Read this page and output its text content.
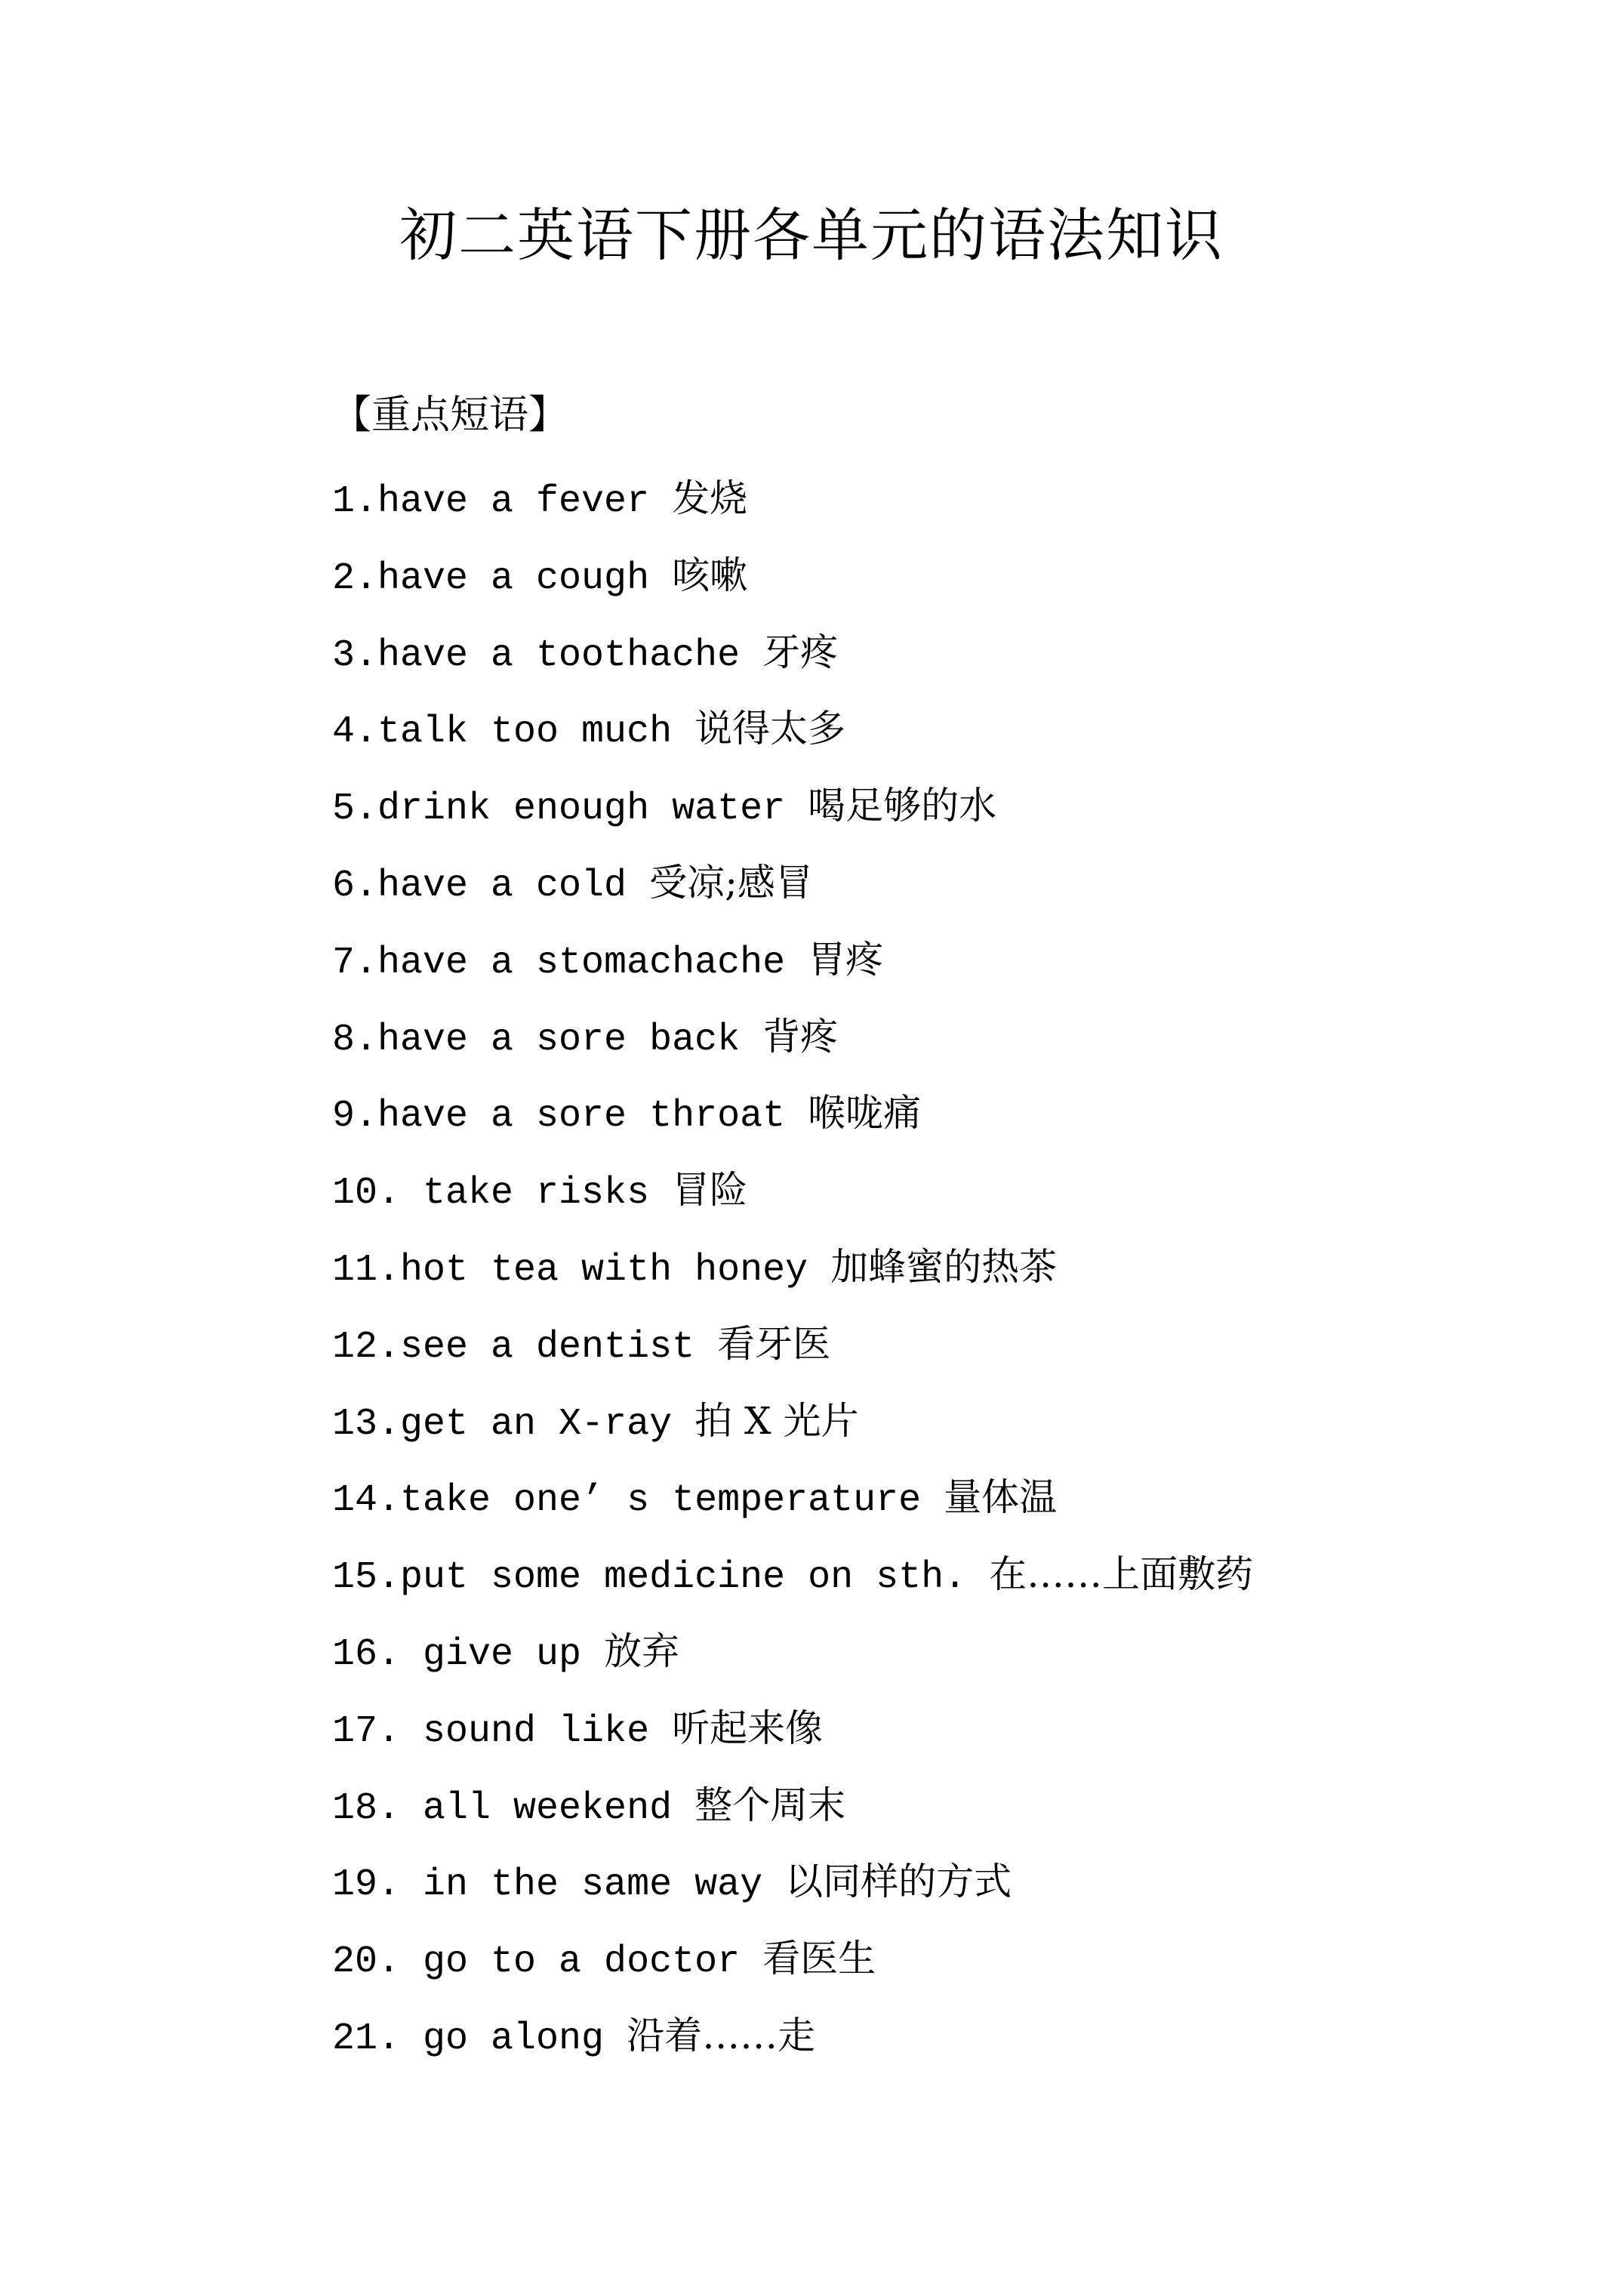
初二英语下册各单元的语法知识
【重点短语】
1.have a fever 发烧
2.have a cough 咳嗽
3.have a toothache 牙疼
4.talk too much 说得太多
5.drink enough water 喝足够的水
6.have a cold 受凉;感冒
7.have a stomachache 胃疼
8.have a sore back 背疼
9.have a sore throat 喉咙痛
10. take risks 冒险
11.hot tea with honey 加蜂蜜的热茶
12.see a dentist 看牙医
13.get an X-ray 拍 X 光片
14.take one’ s temperature 量体温
15.put some medicine on sth. 在……上面敷药
16. give up 放弃
17. sound like 听起来像
18. all weekend 整个周末
19. in the same way 以同样的方式
20. go to a doctor 看医生
21. go along 沿着……走
